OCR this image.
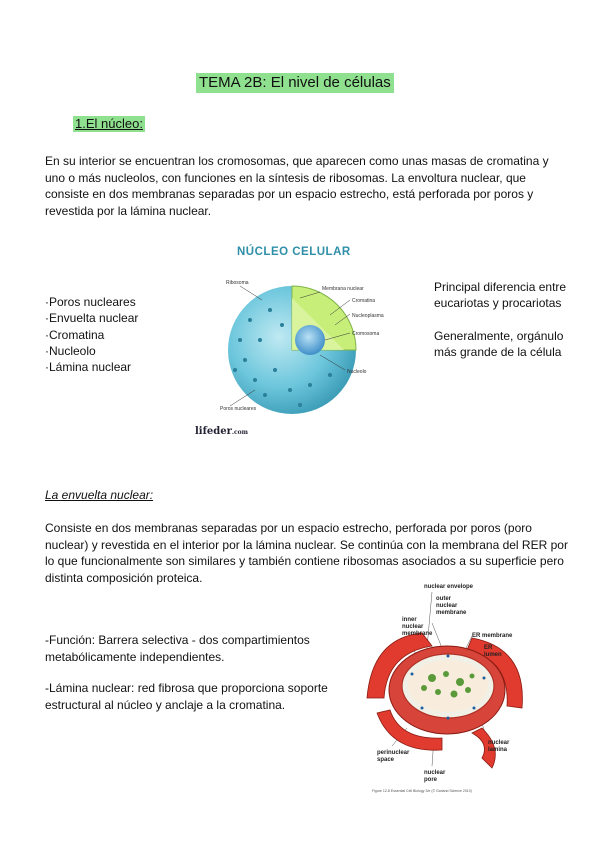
TEMA 2B: El nivel de células
1.El núcleo:
En su interior se encuentran los cromosomas, que aparecen como unas masas de cromatina y uno o más nucleolos, con funciones en la síntesis de ribosomas. La envoltura nuclear, que consiste en dos membranas separadas por un espacio estrecho, está perforada por poros y revestida por la lámina nuclear.
NÚCLEO CELULAR
Ribosoma
Membrana nuclear
Cromatina
Nucleoplasma
Cromosoma
Nucleolo
Poros nucleares
lifeder.com
·Poros nucleares
·Envuelta nuclear
·Cromatina
·Nucleolo
·Lámina nuclear
Principal diferencia entre eucariotas y procariotas
Generalmente, orgánulo más grande de la célula
La envuelta nuclear:
Consiste en dos membranas separadas por un espacio estrecho, perforada por poros (poro nuclear) y revestida en el interior por la lámina nuclear. Se continúa con la membrana del RER por lo que funcionalmente son similares y también contiene ribosomas asociados a su superficie pero distinta composición proteica.
-Función: Barrera selectiva - dos compartimientos metabólicamente independientes.
-Lámina nuclear: red fibrosa que proporciona soporte estructural al núcleo y anclaje a la cromatina.
nuclear envelope
outer
nuclear
membrane
inner
nuclear
membrane	ER membrane
ER
lumen
nuclear
lamina
perinuclear
space
nuclear
pore
Figure 12-8 Essential Cell Biology 3/e (© Garland Science 2010)
